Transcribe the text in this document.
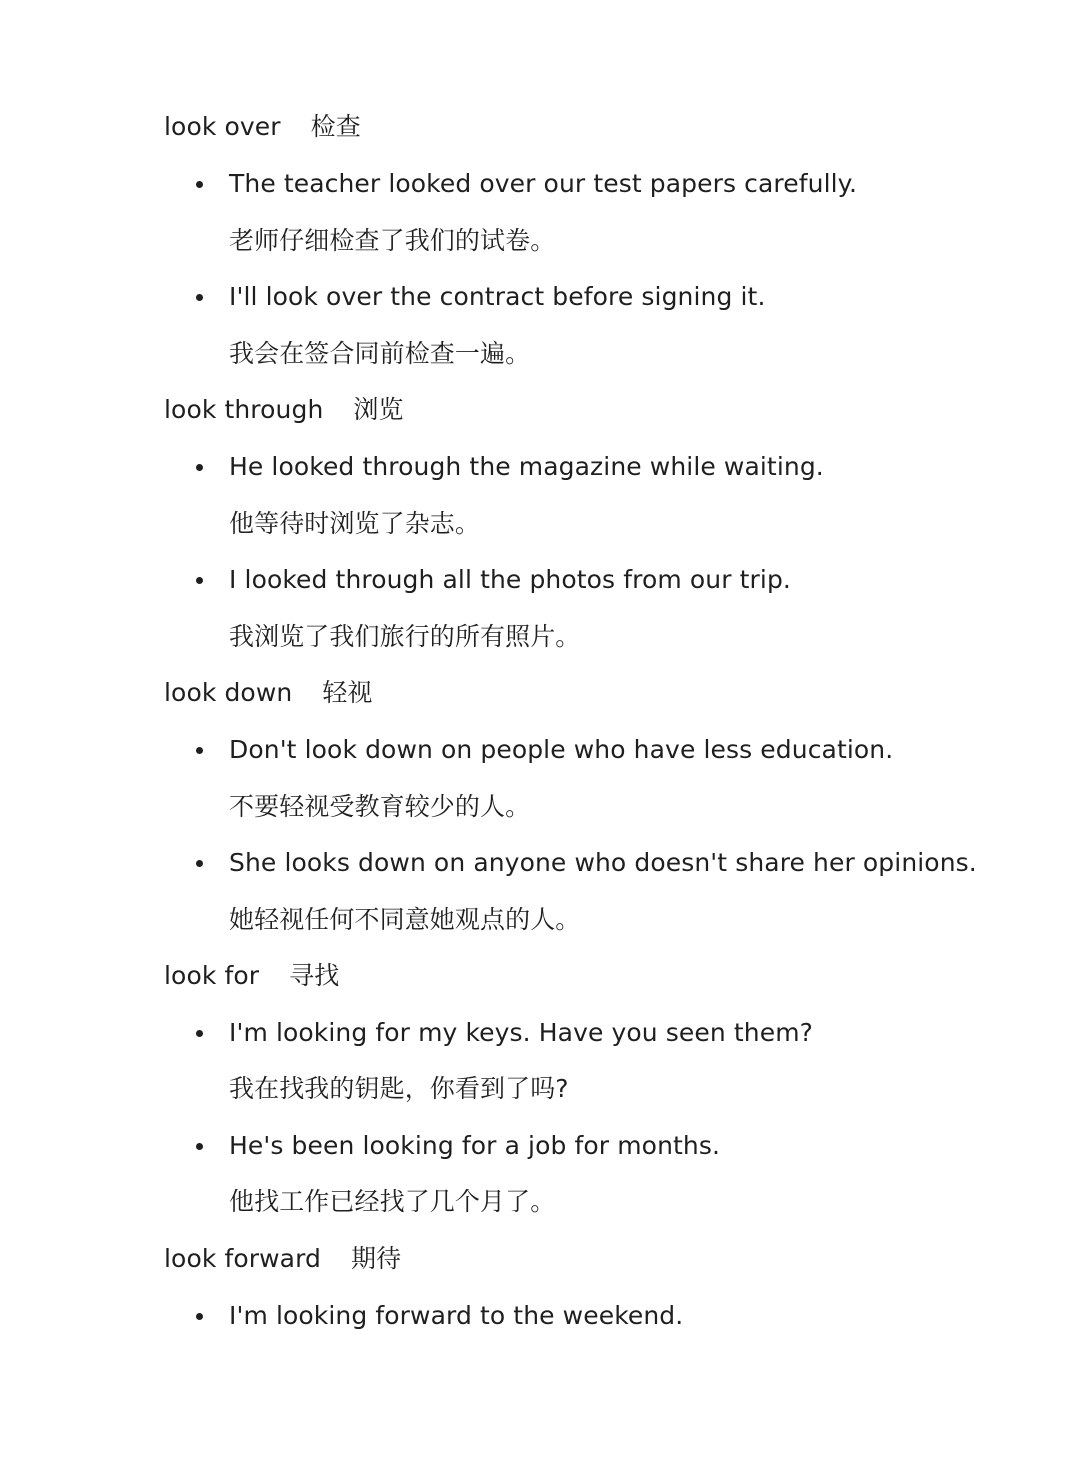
look over 检查
The teacher looked over our test papers carefully.
老师仔细检查了我们的试卷。
I'll look over the contract before signing it.
我会在签合同前检查一遍。
look through 浏览
He looked through the magazine while waiting.
他等待时浏览了杂志。
I looked through all the photos from our trip.
我浏览了我们旅行的所有照片。
look down 轻视
Don't look down on people who have less education.
不要轻视受教育较少的人。
She looks down on anyone who doesn't share her opinions.
她轻视任何不同意她观点的人。
look for 寻找
I'm looking for my keys. Have you seen them?
我在找我的钥匙，你看到了吗?
He's been looking for a job for months.
他找工作已经找了几个月了。
look forward 期待
I'm looking forward to the weekend.
